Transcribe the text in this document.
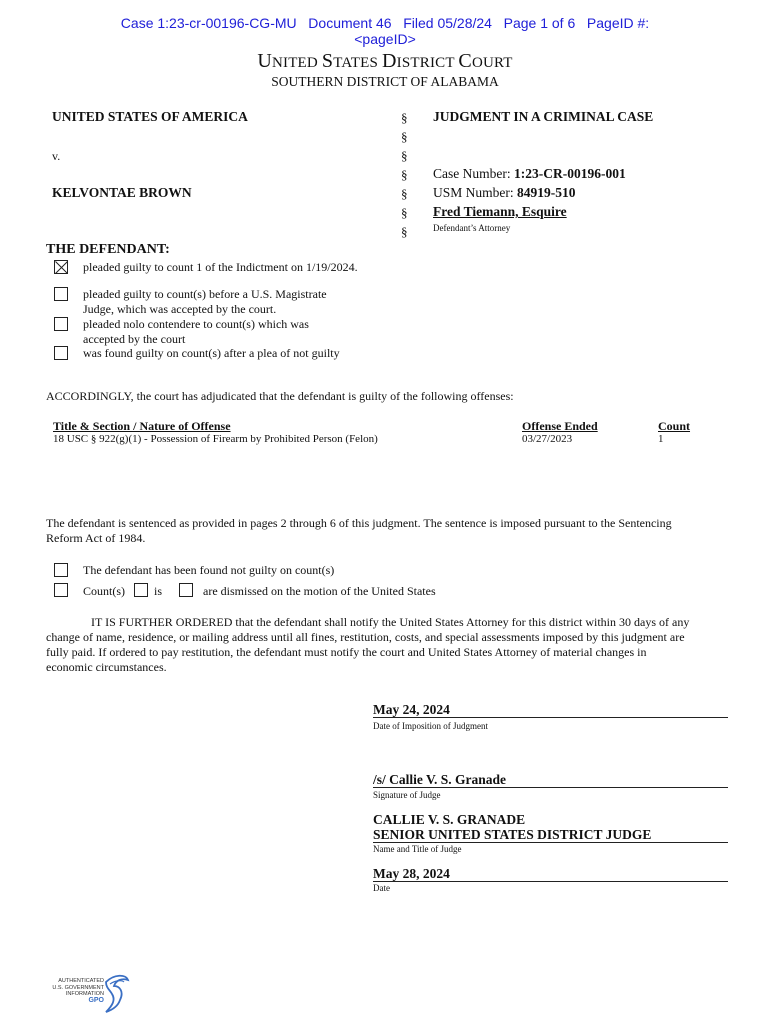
Case 1:23-cr-00196-CG-MU   Document 46   Filed 05/28/24   Page 1 of 6   PageID #:
<pageID>
UNITED STATES DISTRICT COURT
SOUTHERN DISTRICT OF ALABAMA
UNITED STATES OF AMERICA
v.
KELVONTAE BROWN
§
§
§
§
§
§
§
JUDGMENT IN A CRIMINAL CASE
Case Number: 1:23-CR-00196-001
USM Number: 84919-510
Fred Tiemann, Esquire
Defendant’s Attorney
THE DEFENDANT:
pleaded guilty to count 1 of the Indictment on 1/19/2024.
pleaded guilty to count(s) before a U.S. Magistrate
Judge, which was accepted by the court.
pleaded nolo contendere to count(s) which was
accepted by the court
was found guilty on count(s) after a plea of not guilty
ACCORDINGLY, the court has adjudicated that the defendant is guilty of the following offenses:
Title & Section / Nature of Offense	Offense Ended	Count
18 USC § 922(g)(1) - Possession of Firearm by Prohibited Person (Felon)	03/27/2023	1
The defendant is sentenced as provided in pages 2 through 6 of this judgment. The sentence is imposed pursuant to the Sentencing
Reform Act of 1984.
The defendant has been found not guilty on count(s)
Count(s) is	are dismissed on the motion of the United States
IT IS FURTHER ORDERED that the defendant shall notify the United States Attorney for this district within 30 days of any
change of name, residence, or mailing address until all fines, restitution, costs, and special assessments imposed by this judgment are
fully paid. If ordered to pay restitution, the defendant must notify the court and United States Attorney of material changes in
economic circumstances.
May 24, 2024
Date of Imposition of Judgment
/s/ Callie V. S. Granade
Signature of Judge
CALLIE V. S. GRANADE
SENIOR UNITED STATES DISTRICT JUDGE
Name and Title of Judge
May 28, 2024
Date
AUTHENTICATED
U.S. GOVERNMENT
INFORMATION
GPO
